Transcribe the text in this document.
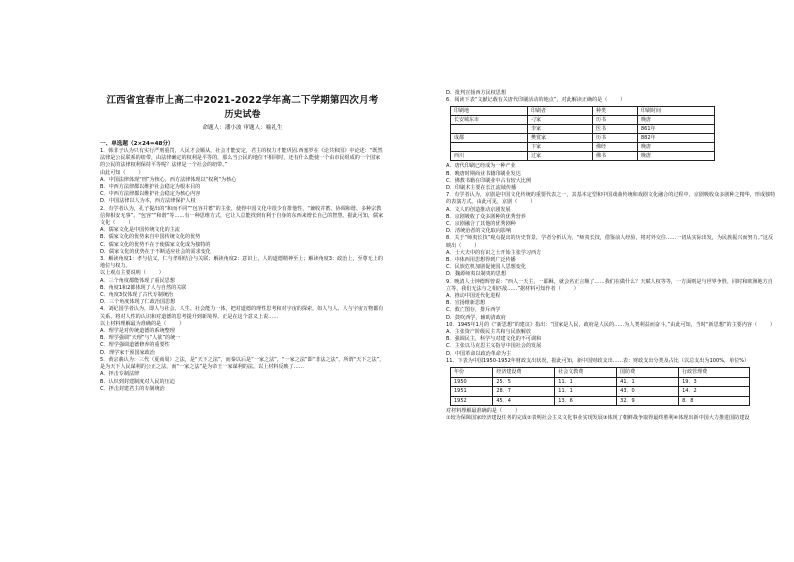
江西省宜春市上高二中2021-2022学年高二下学期第四次月考
历史试卷
命题人：潘小波 审题人：喻礼生
一、单选题（2×24=48分）
1．韩非子认为只有实行严刑重罚，人民才会顺从，社会才能安定，君主的权力才能巩固.西塞罗在《论共和国》中论述：“既然法律是公民联系的纽带，由法律确定的权利是平等的，那么当公民的地位不相同时，还有什么能使一个由市民组成的一个国家的公民的法律权利保持平等呢？法律是一个社会的纽带。”
由此可知（        ）
A．中国法律体现“刑”为核心，西方法律体现以“权利”为核心
B．中西方法律都以维护社会稳定为根本目的
C．中西方法律都以维护社会稳定为核心内容
D．中国法律以人为本，西方法律保护人权
2．有学者认为，孔子提出的“和而不同”“包容并蓄”的主张，使得中国文化中很少有排他性，“兼收并蓄、协调和谐、多种宗教信仰相安无事”。“包容”“和谐”等……有一种思维方式，它让人总能找到有利于自身的东西来增长自己的智慧。据此可知，儒家文化（        ）
A．儒家文化是中国传统文化的主流
B．儒家文化的优势来自中国传统文化的优势
C．儒家文化的优势不在于使儒家文化成为独特的
D．儒家文化的优势在于不断适应社会的需求变化
3．解读角度1：孝与信义，仁与孝相结合与关联；解读角度2：意识上，人的道德精神至上；解读角度3：政治上，至尊无上的地位与权力。
以上观点主要说明（        ）
A．三个角度都能体现了重民思想
B．角度1和2都体现了人与自然的关联
C．角度3仅体现了古代专制统治
D．三个角度体现了仁政治国思想
4．刘纪国学者认为，即人与社会、人生、社会能力一体，把对道德的理性思考和对宇宙的探索，如人与人、人与宇宙万物都有关系，将对人性的认识和对道德的思考提升到新境界。正是在这个意义上说……
以上材料理解最为准确的是（        ）
A．理学是对传统道德的系统整理
B．理学强调“天理”与“人欲”的统一
C．理学强调道德修养的重要性
D．理学家干预国家政治
5．黄宗羲认为：三代（夏商周）之法，是“天下之法”，而秦以后是“一家之法”，“一家之法”即“非法之法”，所谓“天下之法”，是为天下人民谋利的公正之法，而“一家之法”是为帝王一家谋利的法。以上材料反映了……
A．抨击专制法律
B．认识到封建制度对人民的压迫
C．抨击封建君主的专制统治
D．批判宣扬西方民权思想
6．阅读下表“文献记载有关唐代印刷活动的地点”，对此解读正确的是（        ）
印刷地	印刷者	种类	印刷时间
长安城东市	刁家	历书	晚唐
	李家	医书	861年
成都	樊赏家	历书	882年
	卞家	佛经	晚唐
西川	过家	佛书	晚唐
A．唐代印刷已经成为一种产业
B．晚唐时期商业书籍印刷业发达
C．佛教书籍在印刷业中占有较大比例
D．印刷术主要在长江流域传播
7．有学者认为，京剧是中国文化传统的重要代表之一，其基本定型和中国戏曲传统和戏剧文化融合的过程中，京剧吸收众多剧种之精华，形成独特的表演方式。由此可见，京剧（        ）
A．文人的创造推动京剧发展
B．京剧吸收了众多剧种的优秀营养
C．京剧融合了其他的优秀剧种
D．清统治者的文化取向影响
8．关于“师夷长技”观点提出的历史背景，学者分析认为，“师夷长技，借鉴前人经验，将对外交往……一切从实际出发，为民族振兴而努力。”这反映出（        ）
A．士大夫中的有识之士开始主张学习西方
B．中体西用思想得到广泛传播
C．民族危机加剧促使国人思想变化
D．魏源师夷以制夷的思想
9．晚清人士钟德辉曾说：“西人一天主，一耶稣，就会名正言顺了……我们在做什么？天赋人权等等，一方面则是与世界争胜，同时和欧洲地方自立等，我们无法与之相匹敌……”据材料可知作者（        ）
A．推动中国近代化进程
B．宣扬维新思想
C．救亡图存，排斥西学
D．鼓吹西学，辅助清政府
10．1945年1月的《“新思想”的建议》指出：“国家是人民，政府是人民的……为人类利益而奋斗。”由此可知，当时“新思想”的主要内容（        ）
A．主张资产阶级民主共和与民族解放
B．强调民主，科学与对建文化的不可调和
C．主张以马克思主义指导中国社会的发展
D．中国革命以政治革命为主
11．下表为中国1950-1952年财政支出状况，据此可知，新中国财政支出……表：财政支出分类及占比（以总支出为100%，单位%）
年份	经济建设费	社会文教费	国防费	行政管理费
1950	25．5	11．1	41．1	19．3
1951	28．7	11．1	43．0	14．2
1952	45．4	13．6	32．9	8．8
对材料理解最准确的是（        ）
①较为保障国家经济建设任务的完成②表明社会主义文化事业实现发展③体现了朝鲜战争取得最终胜利④体现出新中国大力推进国防建设
